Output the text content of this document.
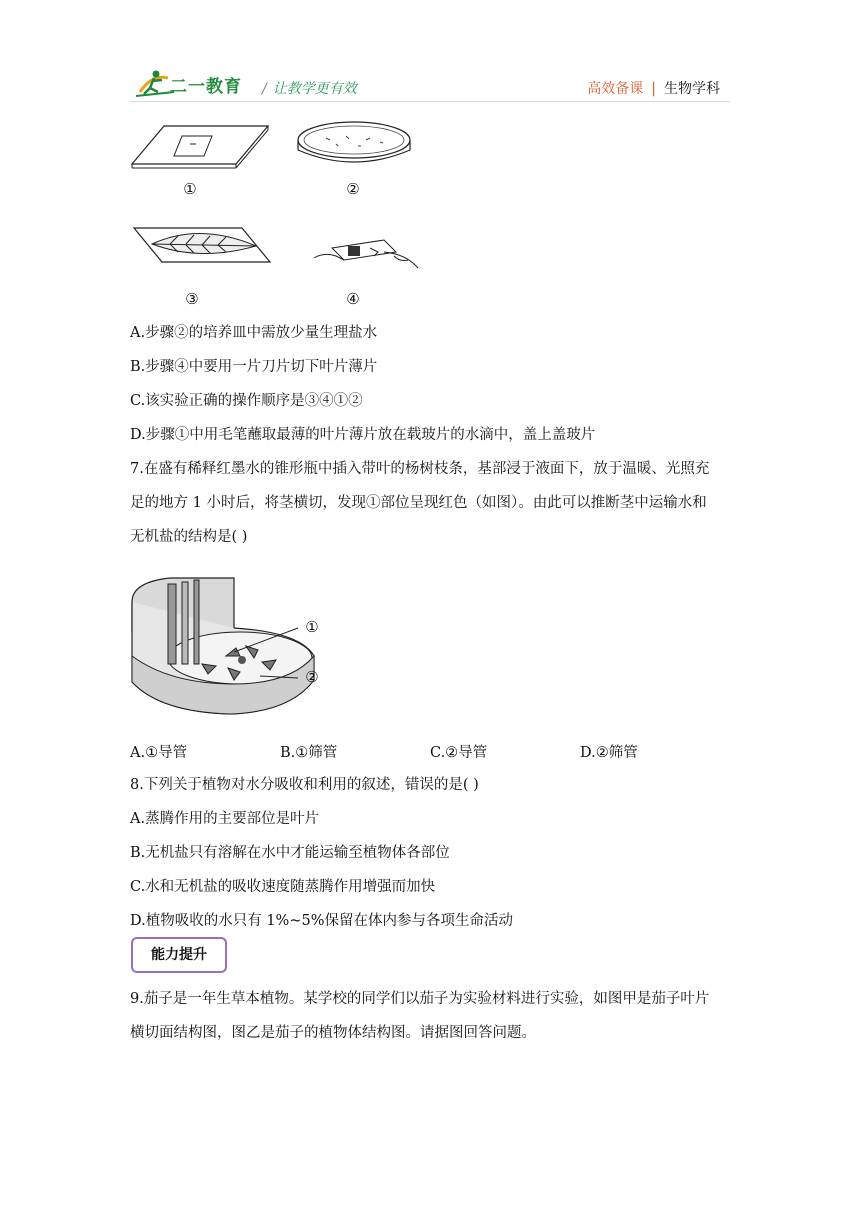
二一教育 / 让教学更有效	高效备课 | 生物学科
①	②
③	④
A.步骤②的培养皿中需放少量生理盐水
B.步骤④中要用一片刀片切下叶片薄片
C.该实验正确的操作顺序是③④①②
D.步骤①中用毛笔蘸取最薄的叶片薄片放在载玻片的水滴中，盖上盖玻片
7.在盛有稀释红墨水的锥形瓶中插入带叶的杨树枝条，基部浸于液面下，放于温暖、光照充
足的地方 1 小时后，将茎横切，发现①部位呈现红色（如图）。由此可以推断茎中运输水和
无机盐的结构是( )
①
②
A.①导管	B.①筛管	C.②导管	D.②筛管
8.下列关于植物对水分吸收和利用的叙述，错误的是( )
A.蒸腾作用的主要部位是叶片
B.无机盐只有溶解在水中才能运输至植物体各部位
C.水和无机盐的吸收速度随蒸腾作用增强而加快
D.植物吸收的水只有 1%~5%保留在体内参与各项生命活动
能力提升
9.茄子是一年生草本植物。某学校的同学们以茄子为实验材料进行实验，如图甲是茄子叶片
横切面结构图，图乙是茄子的植物体结构图。请据图回答问题。
